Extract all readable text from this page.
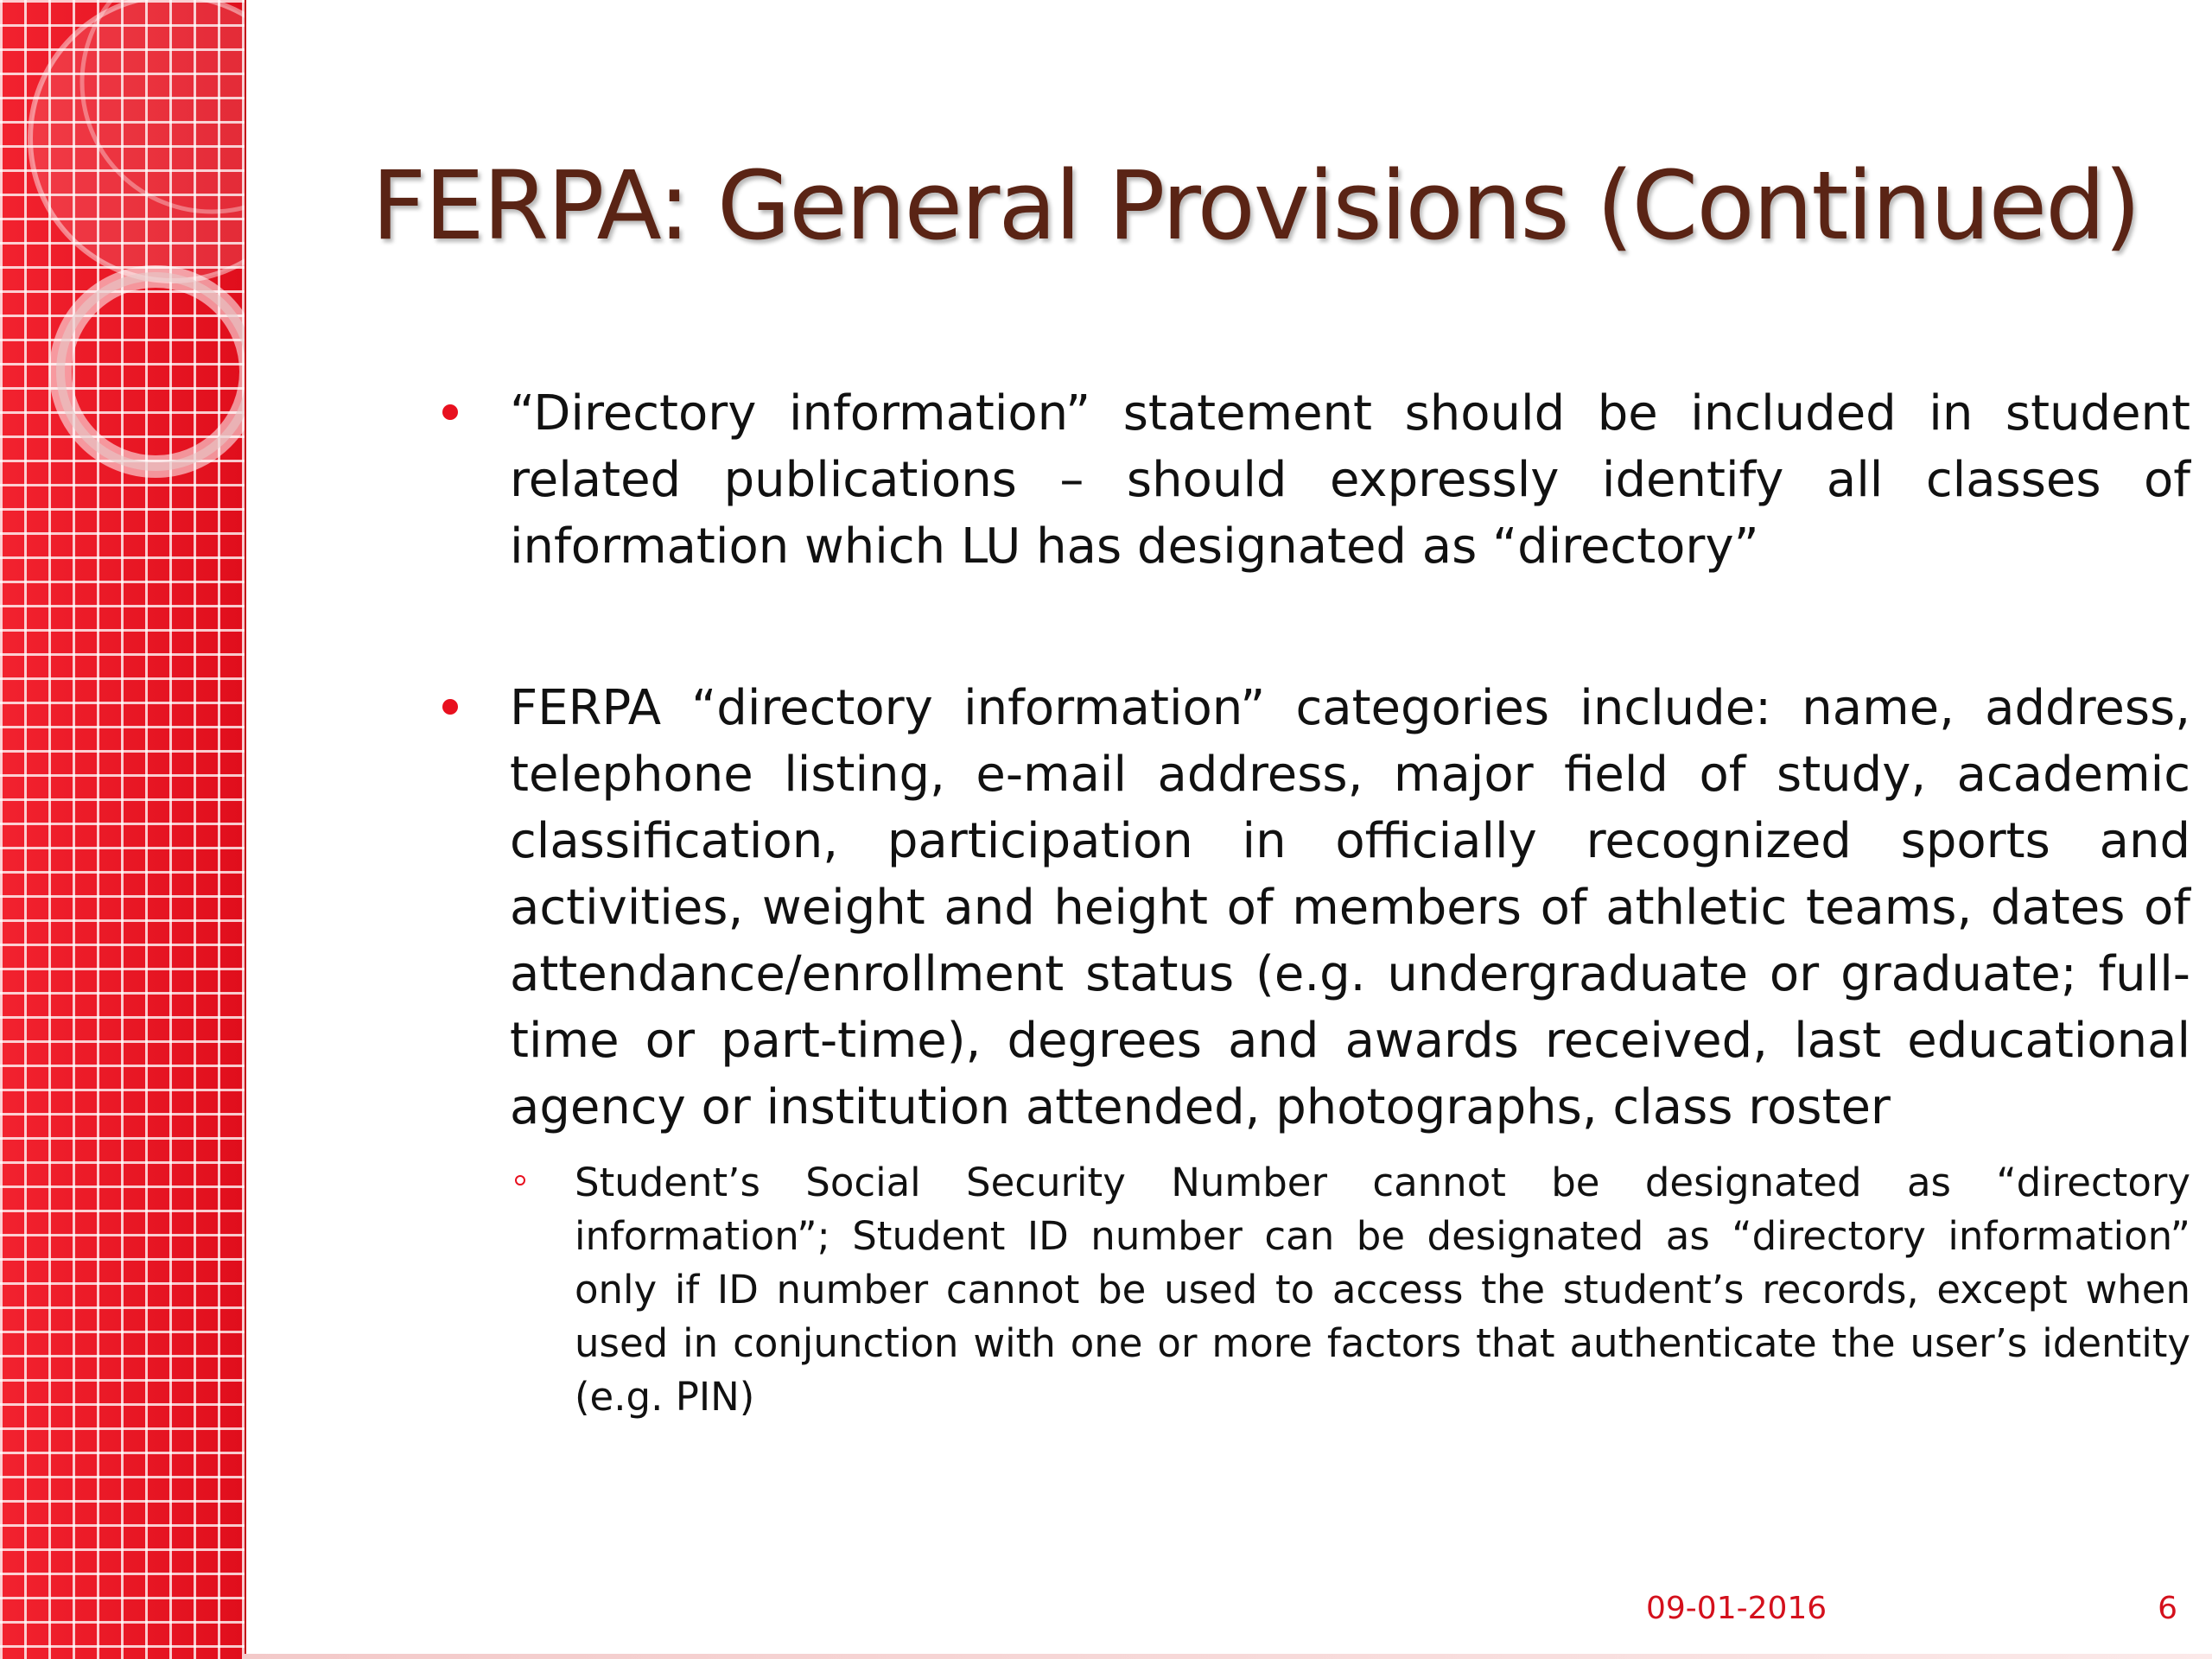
FERPA: General Provisions (Continued)
“Directory information” statement should be included in student related publications – should expressly identify all classes of information which LU has designated as “directory”
FERPA “directory information” categories include: name, address, telephone listing, e-mail address, major field of study, academic classification, participation in officially recognized sports and activities, weight and height of members of athletic teams, dates of attendance/enrollment status (e.g. undergraduate or graduate; full-time or part-time), degrees and awards received, last educational agency or institution attended, photographs, class roster
Student’s Social Security Number cannot be designated as “directory information”; Student ID number can be designated as “directory information” only if ID number cannot be used to access the student’s records, except when used in conjunction with one or more factors that authenticate the user’s identity (e.g. PIN)
09-01-2016	6
